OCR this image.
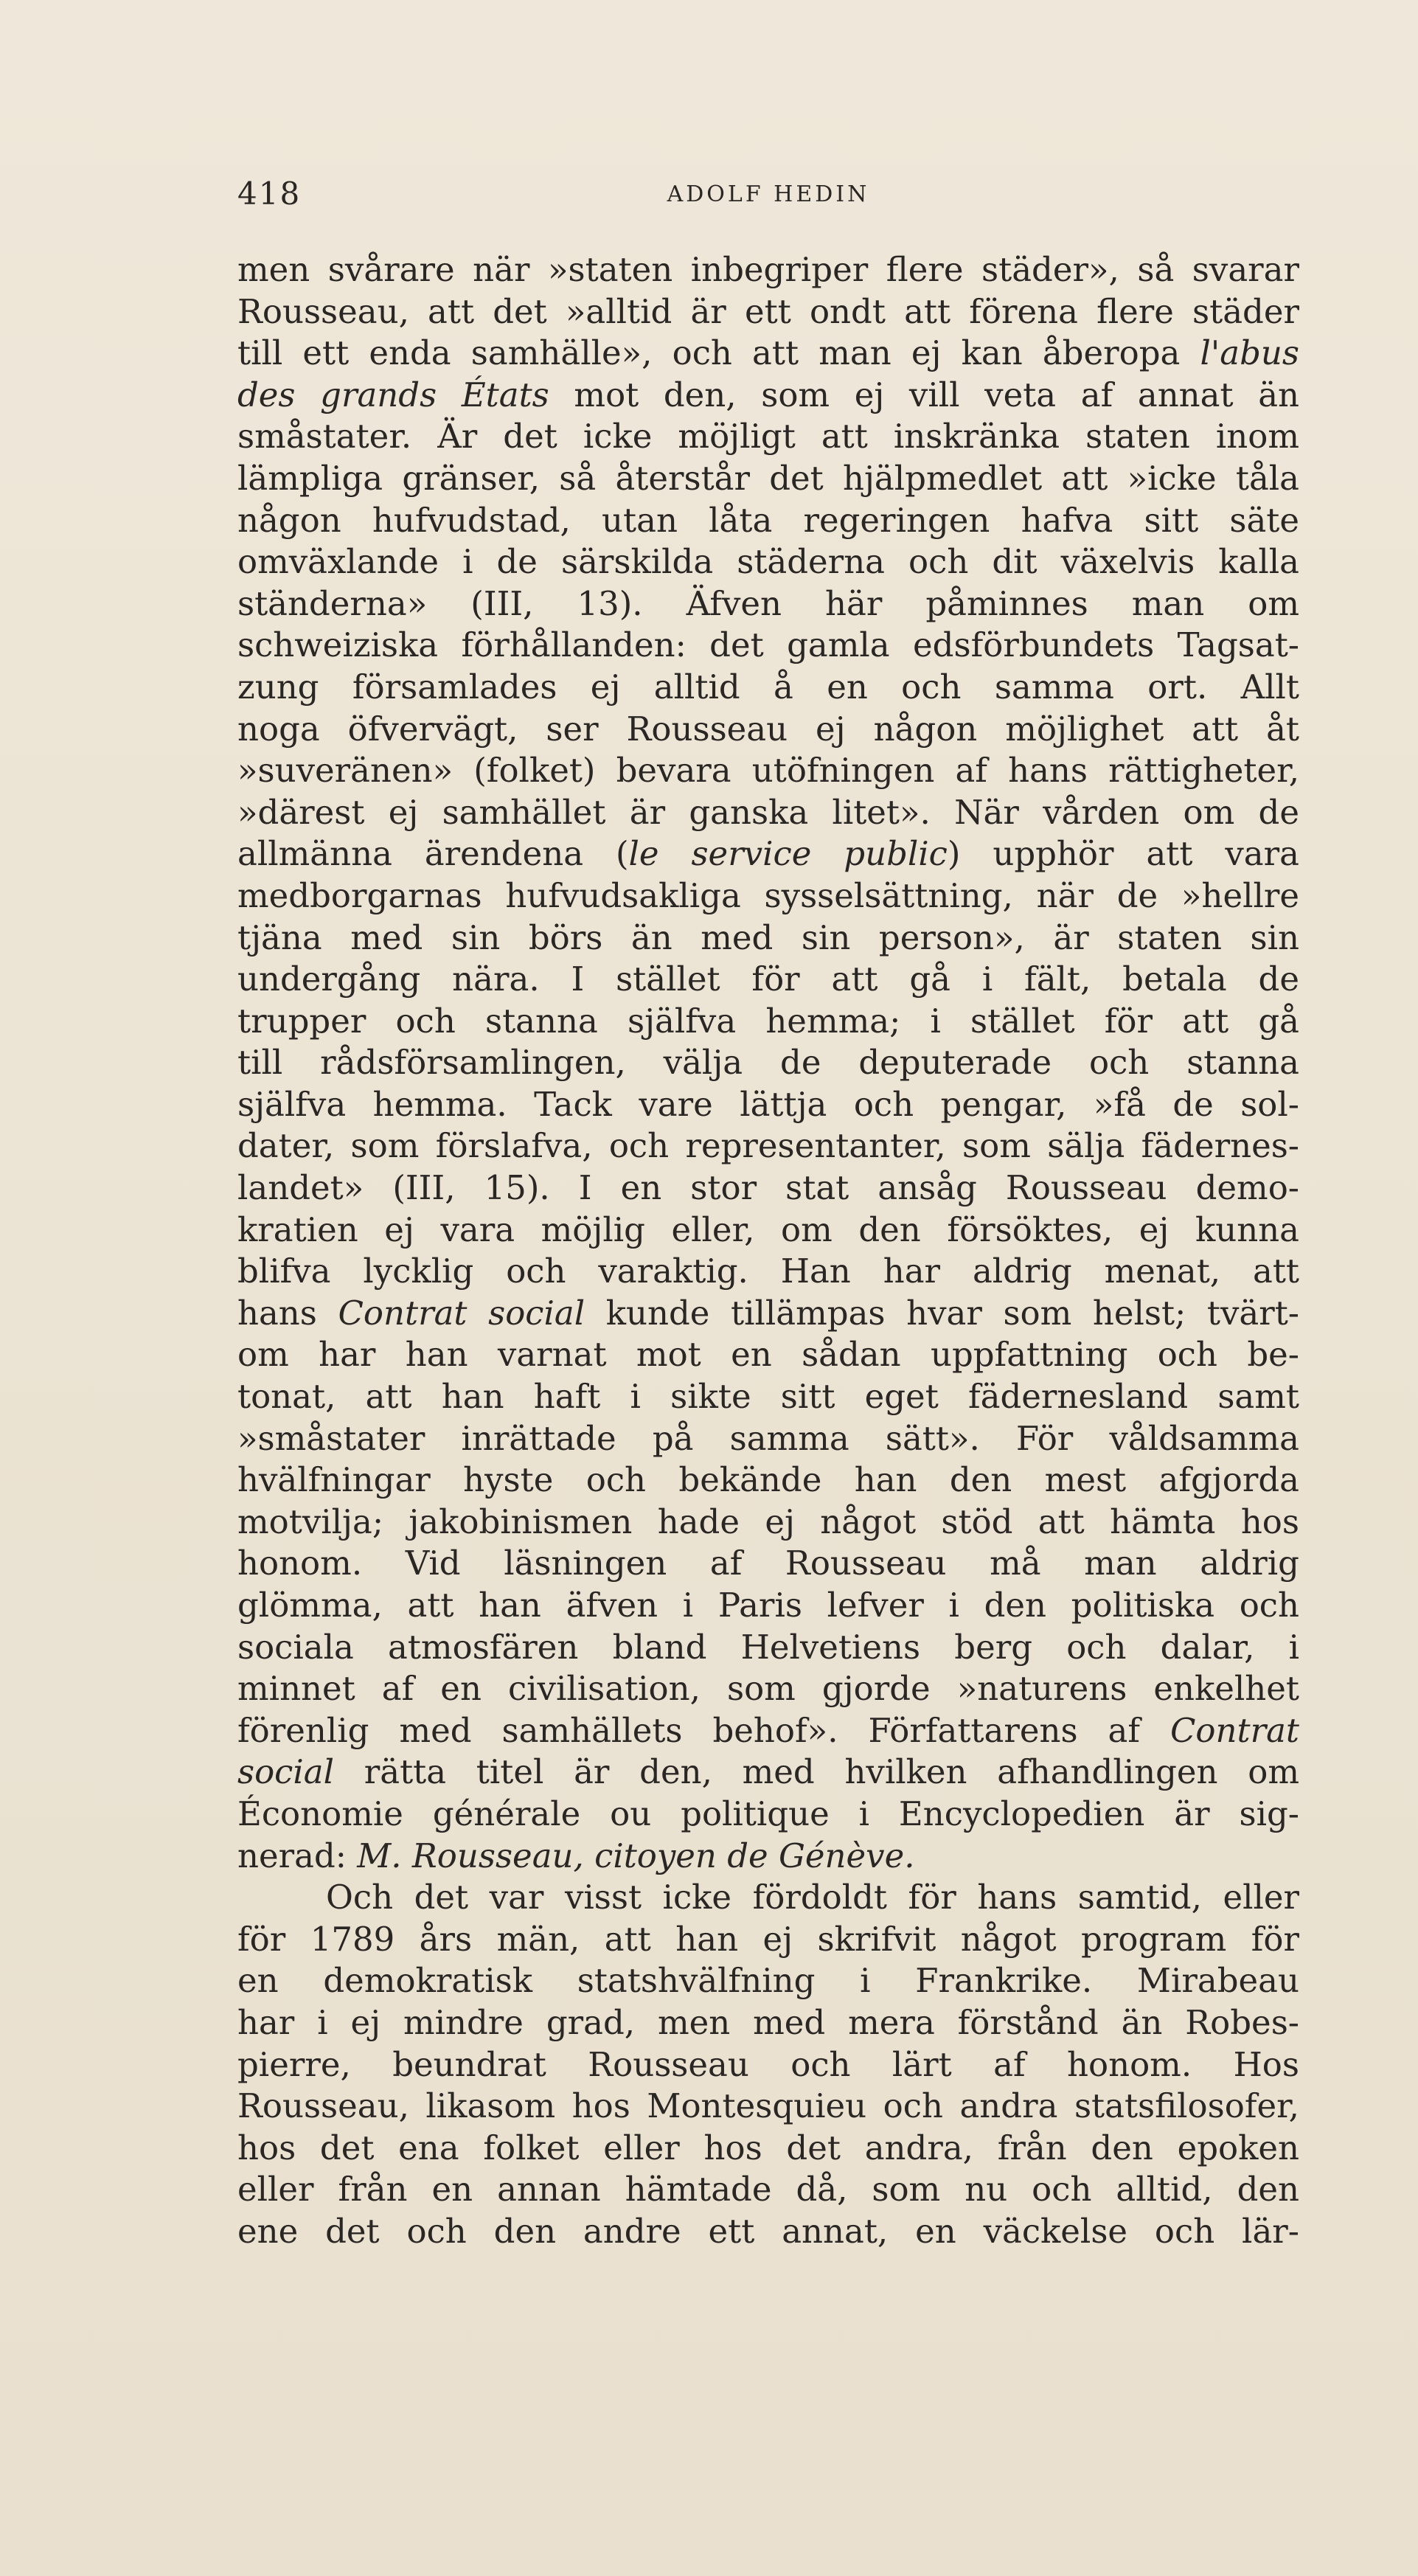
418	ADOLF HEDIN
men svårare när »staten inbegriper flere städer», så svarar
Rousseau, att det »alltid är ett ondt att förena flere städer
till ett enda samhälle», och att man ej kan åberopa l'abus
des grands États mot den, som ej vill veta af annat än
småstater. Är det icke möjligt att inskränka staten inom
lämpliga gränser, så återstår det hjälpmedlet att »icke tåla
någon hufvudstad, utan låta regeringen hafva sitt säte
omväxlande i de särskilda städerna och dit växelvis kalla
ständerna» (III, 13). Äfven här påminnes man om
schweiziska förhållanden: det gamla edsförbundets Tagsat-
zung församlades ej alltid å en och samma ort. Allt
noga öfvervägt, ser Rousseau ej någon möjlighet att åt
»suveränen» (folket) bevara utöfningen af hans rättigheter,
»därest ej samhället är ganska litet». När vården om de
allmänna ärendena (le service public) upphör att vara
medborgarnas hufvudsakliga sysselsättning, när de »hellre
tjäna med sin börs än med sin person», är staten sin
undergång nära. I stället för att gå i fält, betala de
trupper och stanna själfva hemma; i stället för att gå
till rådsförsamlingen, välja de deputerade och stanna
själfva hemma. Tack vare lättja och pengar, »få de sol-
dater, som förslafva, och representanter, som sälja fädernes-
landet» (III, 15). I en stor stat ansåg Rousseau demo-
kratien ej vara möjlig eller, om den försöktes, ej kunna
blifva lycklig och varaktig. Han har aldrig menat, att
hans Contrat social kunde tillämpas hvar som helst; tvärt-
om har han varnat mot en sådan uppfattning och be-
tonat, att han haft i sikte sitt eget fädernesland samt
»småstater inrättade på samma sätt». För våldsamma
hvälfningar hyste och bekände han den mest afgjorda
motvilja; jakobinismen hade ej något stöd att hämta hos
honom. Vid läsningen af Rousseau må man aldrig
glömma, att han äfven i Paris lefver i den politiska och
sociala atmosfären bland Helvetiens berg och dalar, i
minnet af en civilisation, som gjorde »naturens enkelhet
förenlig med samhällets behof». Författarens af Contrat
social rätta titel är den, med hvilken afhandlingen om
Économie générale ou politique i Encyclopedien är sig-
nerad: M. Rousseau, citoyen de Génève.
Och det var visst icke fördoldt för hans samtid, eller
för 1789 års män, att han ej skrifvit något program för
en demokratisk statshvälfning i Frankrike. Mirabeau
har i ej mindre grad, men med mera förstånd än Robes-
pierre, beundrat Rousseau och lärt af honom. Hos
Rousseau, likasom hos Montesquieu och andra statsfilosofer,
hos det ena folket eller hos det andra, från den epoken
eller från en annan hämtade då, som nu och alltid, den
ene det och den andre ett annat, en väckelse och lär-
